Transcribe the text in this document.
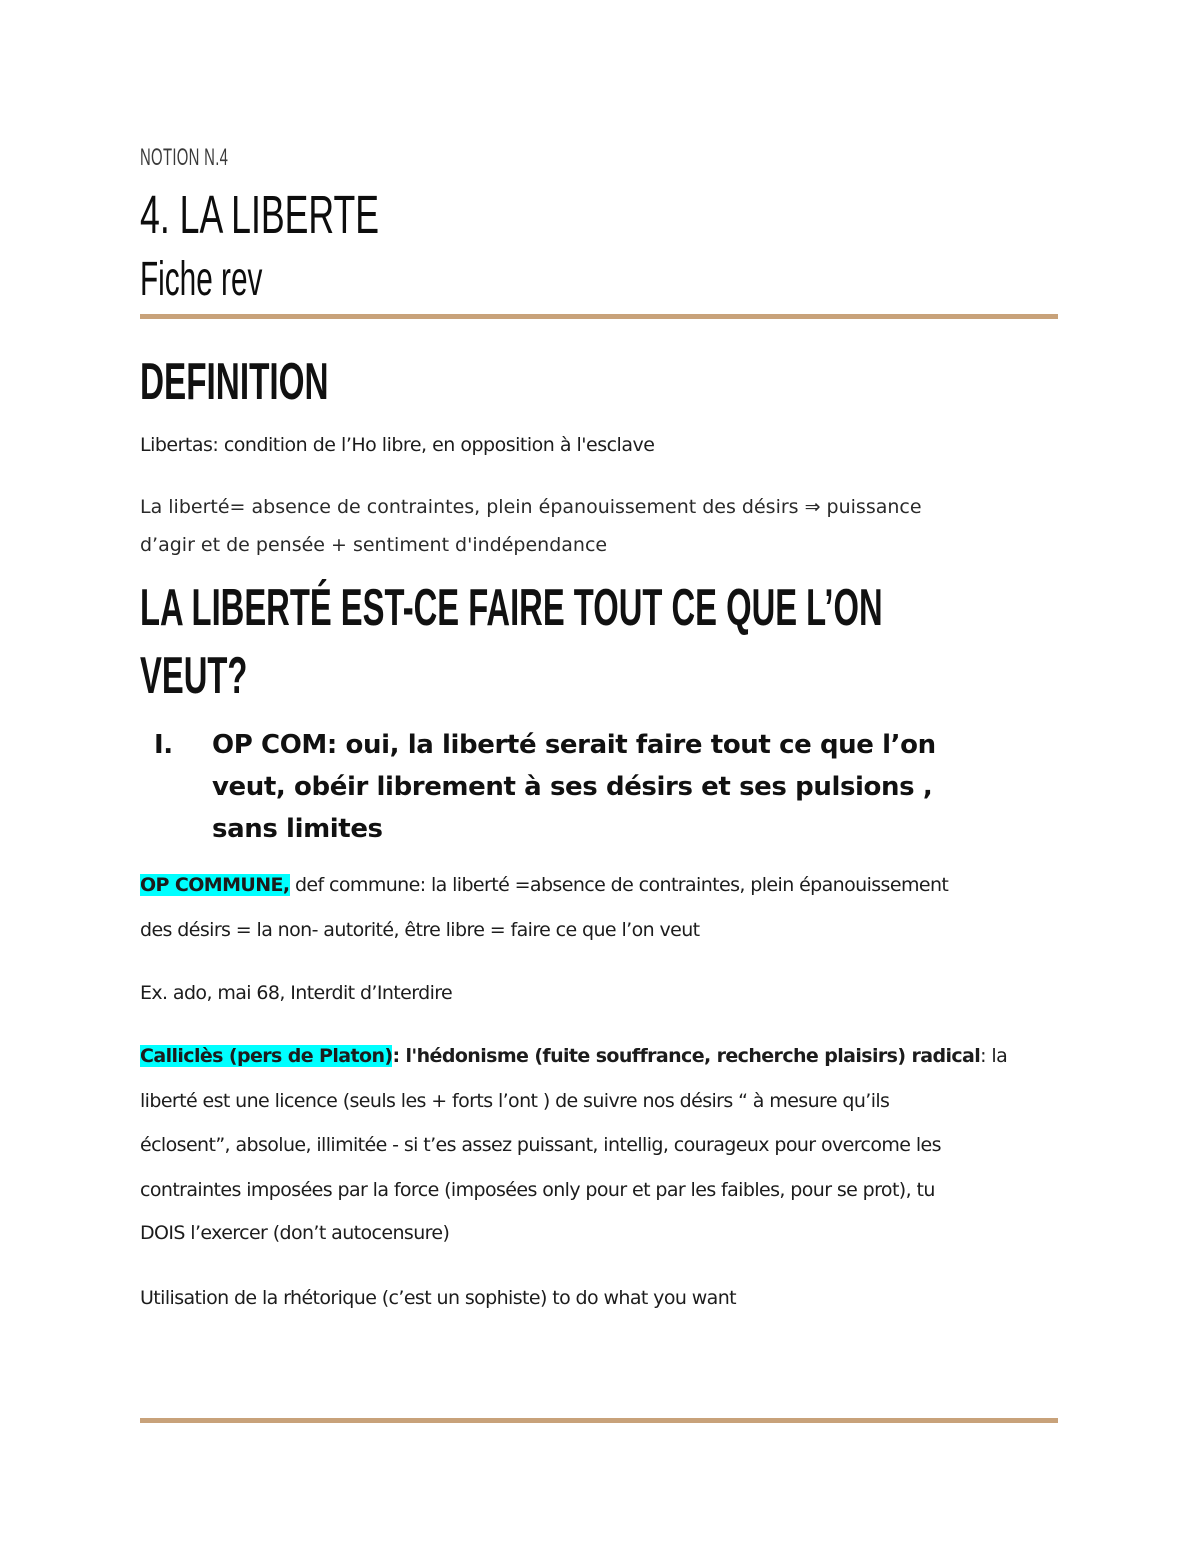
NOTION N.4
4. LA LIBERTE
Fiche rev
DEFINITION

Libertas: condition de l’Ho libre, en opposition à l'esclave

La liberté= absence de contraintes, plein épanouissement des désirs ⇒ puissance

d’agir et de pensée + sentiment d'indépendance

LA LIBERTÉ EST-CE FAIRE TOUT CE QUE L’ON
VEUT?
I. OP COM: oui, la liberté serait faire tout ce que l’on
veut, obéir librement à ses désirs et ses pulsions ,
sans limites

OP COMMUNE, def commune: la liberté =absence de contraintes, plein épanouissement

des désirs = la non- autorité, être libre = faire ce que l’on veut

Ex. ado, mai 68, Interdit d’Interdire

Calliclès (pers de Platon): l'hédonisme (fuite souffrance, recherche plaisirs) radical: la

liberté est une licence (seuls les + forts l’ont ) de suivre nos désirs “ à mesure qu’ils

éclosent”, absolue, illimitée - si t’es assez puissant, intellig, courageux pour overcome les

contraintes imposées par la force (imposées only pour et par les faibles, pour se prot), tu

DOIS l’exercer (don’t autocensure)

Utilisation de la rhétorique (c’est un sophiste) to do what you want
